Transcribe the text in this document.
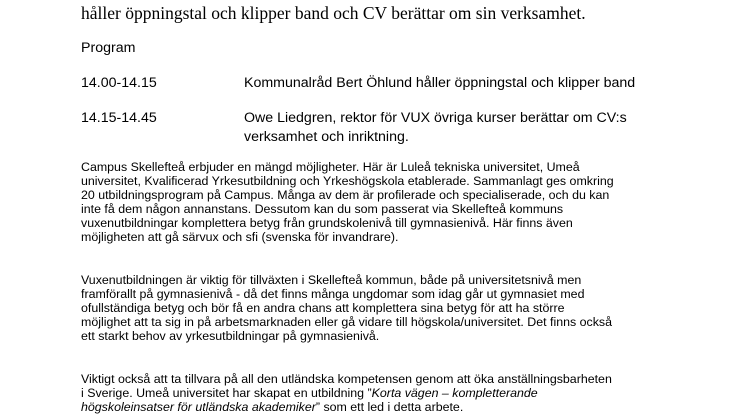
håller öppningstal och klipper band och CV berättar om sin verksamhet.
Program
14.00-14.15	Kommunalråd Bert Öhlund håller öppningstal och klipper band
14.15-14.45	Owe Liedgren, rektor för VUX övriga kurser berättar om CV:s
verksamhet och inriktning.

Campus Skellefteå erbjuder en mängd möjligheter. Här är Luleå tekniska universitet, Umeå

universitet, Kvalificerad Yrkesutbildning och Yrkeshögskola etablerade. Sammanlagt ges omkring

20 utbildningsprogram på Campus. Många av dem är profilerade och specialiserade, och du kan

inte få dem någon annanstans. Dessutom kan du som passerat via Skellefteå kommuns

vuxenutbildningar komplettera betyg från grundskolenivå till gymnasienivå. Här finns även

möjligheten att gå särvux och sfi (svenska för invandrare).

Vuxenutbildningen är viktig för tillväxten i Skellefteå kommun, både på universitetsnivå men

framförallt på gymnasienivå - då det finns många ungdomar som idag går ut gymnasiet med

ofullständiga betyg och bör få en andra chans att komplettera sina betyg för att ha större

möjlighet att ta sig in på arbetsmarknaden eller gå vidare till högskola/universitet. Det finns också

ett starkt behov av yrkesutbildningar på gymnasienivå.

Viktigt också att ta tillvara på all den utländska kompetensen genom att öka anställningsbarheten

i Sverige. Umeå universitet har skapat en utbildning ”Korta vägen – kompletterande

högskoleinsatser för utländska akademiker” som ett led i detta arbete.
